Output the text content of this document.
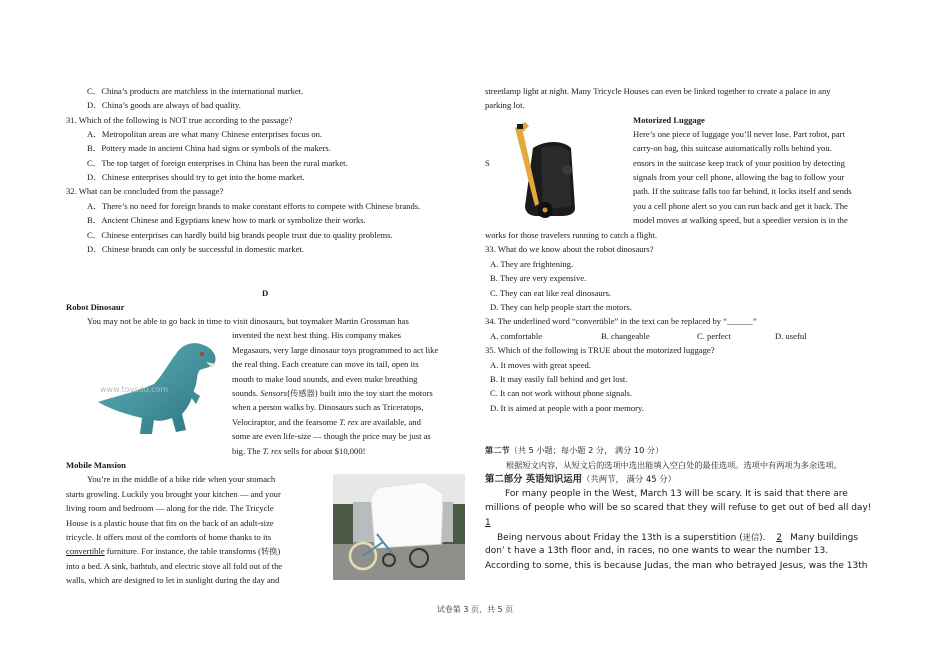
C．China’s products are matchless in the international market.
D．China’s goods are always of bad quality.
31. Which of the following is NOT true according to the passage?
A．Metropolitan areas are what many Chinese enterprises focus on.
B．Pottery made in ancient China had signs or symbols of the makers.
C．The top target of foreign enterprises in China has been the rural market.
D．Chinese enterprises should try to get into the home market.
32. What can be concluded from the passage?
A．There’s no need for foreign brands to make constant efforts to compete with Chinese brands.
B．Ancient Chinese and Egyptians knew how to mark or symbolize their works.
C．Chinese enterprises can hardly build big brands people trust due to quality problems.
D．Chinese brands can only be successful in domestic market.
D
Robot Dinosaur
You may not be able to go back in time to visit dinosaurs, but toymaker Martin Grossman has
www.toysdu.com
invented the next best thing. His company makes
Megasaurs, very large dinosaur toys programmed to act like
the real thing. Each creature can move its tail, open its
mouth to make loud sounds, and even make breathing
sounds. Sensors(传感器) built into the toy start the motors
when a person walks by. Dinosaurs such as Triceratops,
Velociraptor, and the fearsome T. rex are available, and
some are even life-size — though the price may be just as
big. The T. rex sells for about $10,000!
Mobile Mansion
You’re in the middle of a bike ride when your stomach
starts growling. Luckily you brought your kitchen — and your
living room and bedroom — along for the ride. The Tricycle
House is a plastic house that fits on the back of an adult-size
tricycle. It offers most of the comforts of home thanks to its
convertible furniture. For instance, the table transforms (转换)
into a bed. A sink, bathtub, and electric stove all fold out of the
walls, which are designed to let in sunlight during the day and
streetlamp light at night. Many Tricycle Houses can even be linked together to create a palace in any
parking lot.
Motorized Luggage
Here’s one piece of luggage you’ll never lose. Part robot, part
carry-on bag, this suitcase automatically rolls behind you.
S	ensors in the suitcase keep track of your position by detecting
signals from your cell phone, allowing the bag to follow your
path. If the suitcase falls too far behind, it locks itself and sends
you a cell phone alert so you can run back and get it back. The
model moves at walking speed, but a speedier version is in the
works for those travelers running to catch a flight.
33. What do we know about the robot dinosaurs?
A. They are frightening.
B. They are very expensive.
C. They can eat like real dinosaurs.
D. They can help people start the motors.
34. The underlined word “convertible” in the text can be replaced by “______”
A. comfortable	B. changeable	C. perfect	D. useful
35. Which of the following is TRUE about the motorized luggage?
A. It moves with great speed.
B. It may easily fall behind and get lost.
C. It can not work without phone signals.
D. It is aimed at people with a poor memory.
第二节（共 5 小题；每小题 2 分， 满分 10 分）
根据短文内容，从短文后的选项中选出能填入空白处的最佳选项。选项中有两项为多余选项。
第二部分 英语知识运用（共两节， 满分 45 分）
For many people in the West, March 13 will be scary. It is said that there are
millions of people who will be so scared that they will refuse to get out of bed all day!
1
Being nervous about Friday the 13th is a superstition (迷信). 2 Many buildings
don’ t have a 13th floor and, in races, no one wants to wear the number 13.
According to some, this is because Judas, the man who betrayed Jesus, was the 13th
试卷第 3 页，共 5 页
